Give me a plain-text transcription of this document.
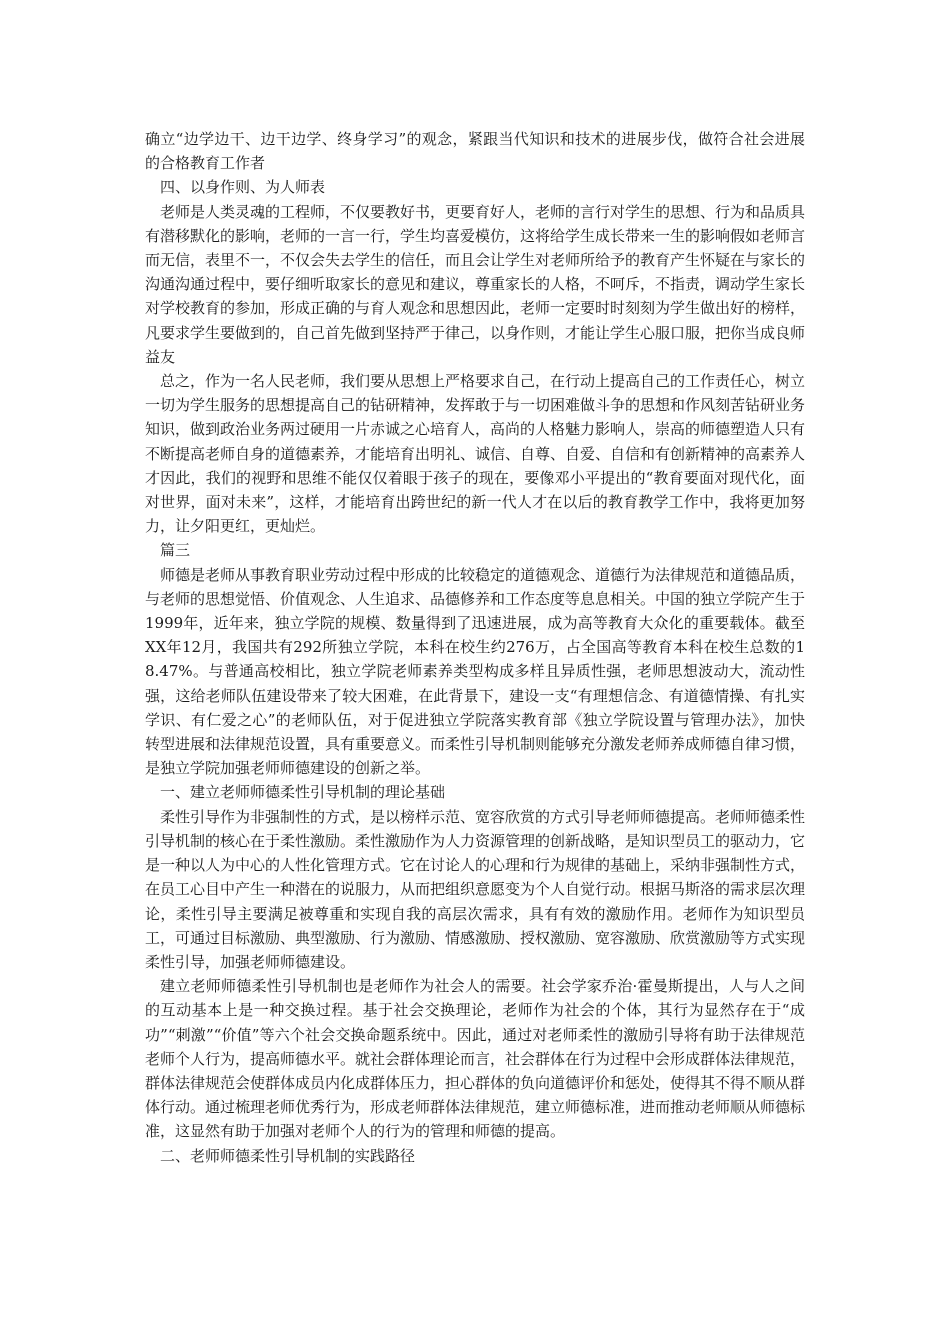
确立“边学边干、边干边学、终身学习”的观念，紧跟当代知识和技术的进展步伐，做符合社会进展的合格教育工作者

四、以身作则、为人师表

老师是人类灵魂的工程师，不仅要教好书，更要育好人，老师的言行对学生的思想、行为和品质具有潜移默化的影响，老师的一言一行，学生均喜爱模仿，这将给学生成长带来一生的影响假如老师言而无信，表里不一，不仅会失去学生的信任，而且会让学生对老师所给予的教育产生怀疑在与家长的沟通沟通过程中，要仔细听取家长的意见和建议，尊重家长的人格，不呵斥，不指责，调动学生家长对学校教育的参加，形成正确的与育人观念和思想因此，老师一定要时时刻刻为学生做出好的榜样，凡要求学生要做到的，自己首先做到坚持严于律己，以身作则，才能让学生心服口服，把你当成良师益友

总之，作为一名人民老师，我们要从思想上严格要求自己，在行动上提高自己的工作责任心，树立一切为学生服务的思想提高自己的钻研精神，发挥敢于与一切困难做斗争的思想和作风刻苦钻研业务知识，做到政治业务两过硬用一片赤诚之心培育人，高尚的人格魅力影响人，崇高的师德塑造人只有不断提高老师自身的道德素养，才能培育出明礼、诚信、自尊、自爱、自信和有创新精神的高素养人才因此，我们的视野和思维不能仅仅着眼于孩子的现在，要像邓小平提出的“教育要面对现代化，面对世界，面对未来”，这样，才能培育出跨世纪的新一代人才在以后的教育教学工作中，我将更加努力，让夕阳更红，更灿烂。

篇三

师德是老师从事教育职业劳动过程中形成的比较稳定的道德观念、道德行为法律规范和道德品质，与老师的思想觉悟、价值观念、人生追求、品德修养和工作态度等息息相关。中国的独立学院产生于1999年，近年来，独立学院的规模、数量得到了迅速进展，成为高等教育大众化的重要载体。截至XX年12月，我国共有292所独立学院，本科在校生约276万，占全国高等教育本科在校生总数的18.47%。与普通高校相比，独立学院老师素养类型构成多样且异质性强，老师思想波动大，流动性强，这给老师队伍建设带来了较大困难，在此背景下，建设一支“有理想信念、有道德情操、有扎实学识、有仁爱之心”的老师队伍，对于促进独立学院落实教育部《独立学院设置与管理办法》，加快转型进展和法律规范设置，具有重要意义。而柔性引导机制则能够充分激发老师养成师德自律习惯，是独立学院加强老师师德建设的创新之举。

一、建立老师师德柔性引导机制的理论基础

柔性引导作为非强制性的方式，是以榜样示范、宽容欣赏的方式引导老师师德提高。老师师德柔性引导机制的核心在于柔性激励。柔性激励作为人力资源管理的创新战略，是知识型员工的驱动力，它是一种以人为中心的人性化管理方式。它在讨论人的心理和行为规律的基础上，采纳非强制性方式，在员工心目中产生一种潜在的说服力，从而把组织意愿变为个人自觉行动。根据马斯洛的需求层次理论，柔性引导主要满足被尊重和实现自我的高层次需求，具有有效的激励作用。老师作为知识型员工，可通过目标激励、典型激励、行为激励、情感激励、授权激励、宽容激励、欣赏激励等方式实现柔性引导，加强老师师德建设。

建立老师师德柔性引导机制也是老师作为社会人的需要。社会学家乔治·霍曼斯提出，人与人之间的互动基本上是一种交换过程。基于社会交换理论，老师作为社会的个体，其行为显然存在于“成功”“刺激”“价值”等六个社会交换命题系统中。因此，通过对老师柔性的激励引导将有助于法律规范老师个人行为，提高师德水平。就社会群体理论而言，社会群体在行为过程中会形成群体法律规范，群体法律规范会使群体成员内化成群体压力，担心群体的负向道德评价和惩处，使得其不得不顺从群体行动。通过梳理老师优秀行为，形成老师群体法律规范，建立师德标准，进而推动老师顺从师德标准，这显然有助于加强对老师个人的行为的管理和师德的提高。

二、老师师德柔性引导机制的实践路径
